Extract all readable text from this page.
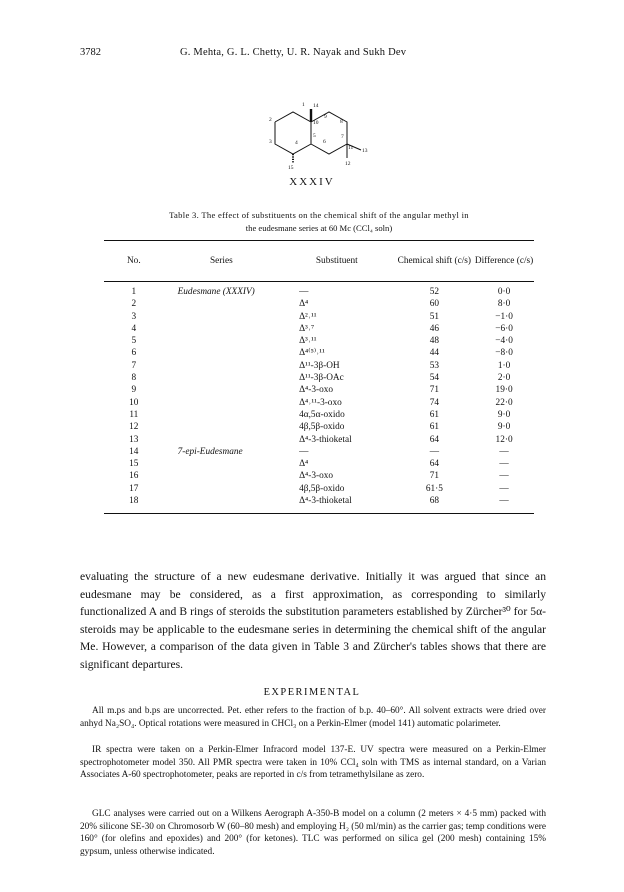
3782	G. Mehta, G. L. Chetty, U. R. Nayak and Sukh Dev
1 14
2	10
9
8
3	4
5
6
7
11 13
15
12
XXXIV
Table 3. The effect of substituents on the chemical shift of the angular methyl in
the eudesmane series at 60 Mc (CCl₄ soln)
No.	Series	Substituent	Chemical shift (c/s)	Difference (c/s)
1	Eudesmane (XXXIV)	—	52	0·0
2		Δ⁴	60	8·0
3		Δ²˒¹¹	51	−1·0
4		Δ³˒⁷	46	−6·0
5		Δ³˒¹¹	48	−4·0
6		Δ⁴⁽⁵⁾˒¹¹	44	−8·0
7		Δ¹¹-3β-OH	53	1·0
8		Δ¹¹-3β-OAc	54	2·0
9		Δ⁴-3-oxo	71	19·0
10		Δ⁴˒¹¹-3-oxo	74	22·0
11		4α,5α-oxido	61	9·0
12		4β,5β-oxido	61	9·0
13		Δ⁴-3-thioketal	64	12·0
14	7-epi-Eudesmane	—	—	—
15		Δ⁴	64	—
16		Δ⁴-3-oxo	71	—
17		4β,5β-oxido	61·5	—
18		Δ⁴-3-thioketal	68	—
evaluating the structure of a new eudesmane derivative. Initially it was argued that since an eudesmane may be considered, as a first approximation, as corresponding to similarly functionalized A and B rings of steroids the substitution parameters established by Zürcher³⁰ for 5α-steroids may be applicable to the eudesmane series in determining the chemical shift of the angular Me. However, a comparison of the data given in Table 3 and Zürcher's tables shows that there are significant departures.
EXPERIMENTAL

All m.ps and b.ps are uncorrected. Pet. ether refers to the fraction of b.p. 40–60°. All solvent extracts were dried over anhyd Na₂SO₄. Optical rotations were measured in CHCl₃ on a Perkin-Elmer (model 141) automatic polarimeter.

IR spectra were taken on a Perkin-Elmer Infracord model 137-E. UV spectra were measured on a Perkin-Elmer spectrophotometer model 350. All PMR spectra were taken in 10% CCl₄ soln with TMS as internal standard, on a Varian Associates A-60 spectrophotometer, peaks are reported in c/s from tetramethylsilane as zero.

GLC analyses were carried out on a Wilkens Aerograph A-350-B model on a column (2 meters × 4·5 mm) packed with 20% silicone SE-30 on Chromosorb W (60–80 mesh) and employing H₂ (50 ml/min) as the carrier gas; temp conditions were 160° (for olefins and epoxides) and 200° (for ketones). TLC was performed on silica gel (200 mesh) containing 15% gypsum, unless otherwise indicated.
